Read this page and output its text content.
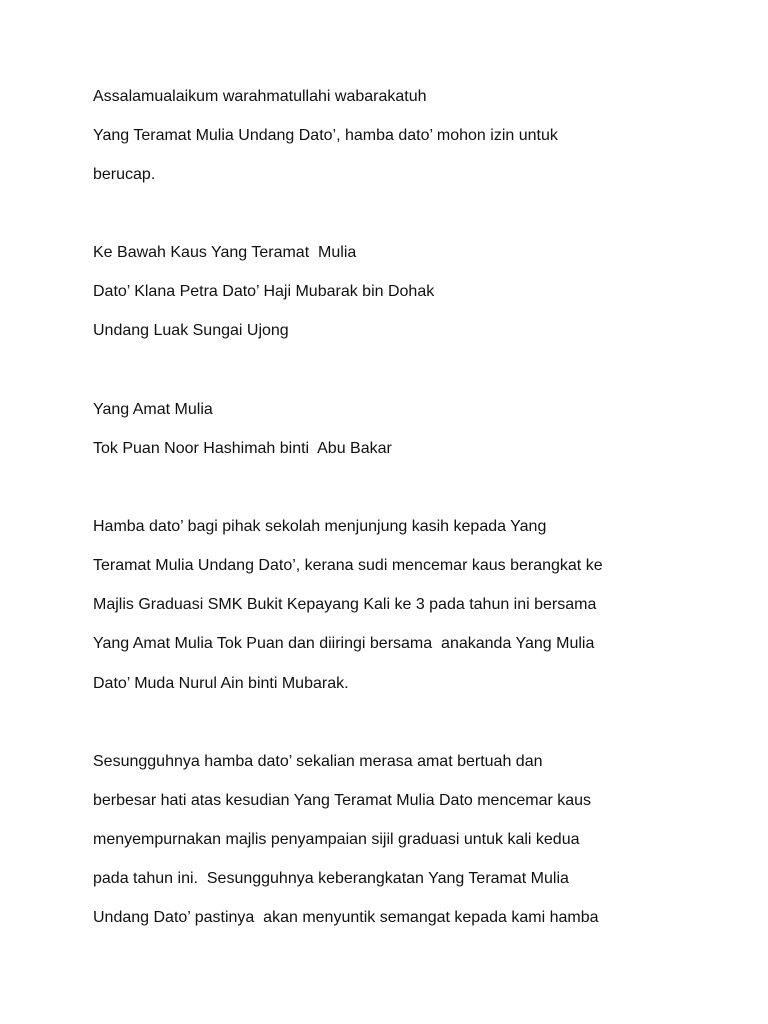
Assalamualaikum warahmatullahi wabarakatuh

Yang Teramat Mulia Undang Dato’, hamba dato’ mohon izin untuk

berucap.

Ke Bawah Kaus Yang Teramat  Mulia

Dato’ Klana Petra Dato’ Haji Mubarak bin Dohak

Undang Luak Sungai Ujong

Yang Amat Mulia

Tok Puan Noor Hashimah binti  Abu Bakar

Hamba dato’ bagi pihak sekolah menjunjung kasih kepada Yang

Teramat Mulia Undang Dato’, kerana sudi mencemar kaus berangkat ke

Majlis Graduasi SMK Bukit Kepayang Kali ke 3 pada tahun ini bersama

Yang Amat Mulia Tok Puan dan diiringi bersama  anakanda Yang Mulia

Dato’ Muda Nurul Ain binti Mubarak.

Sesungguhnya hamba dato’ sekalian merasa amat bertuah dan

berbesar hati atas kesudian Yang Teramat Mulia Dato mencemar kaus

menyempurnakan majlis penyampaian sijil graduasi untuk kali kedua

pada tahun ini.  Sesungguhnya keberangkatan Yang Teramat Mulia

Undang Dato’ pastinya  akan menyuntik semangat kepada kami hamba
